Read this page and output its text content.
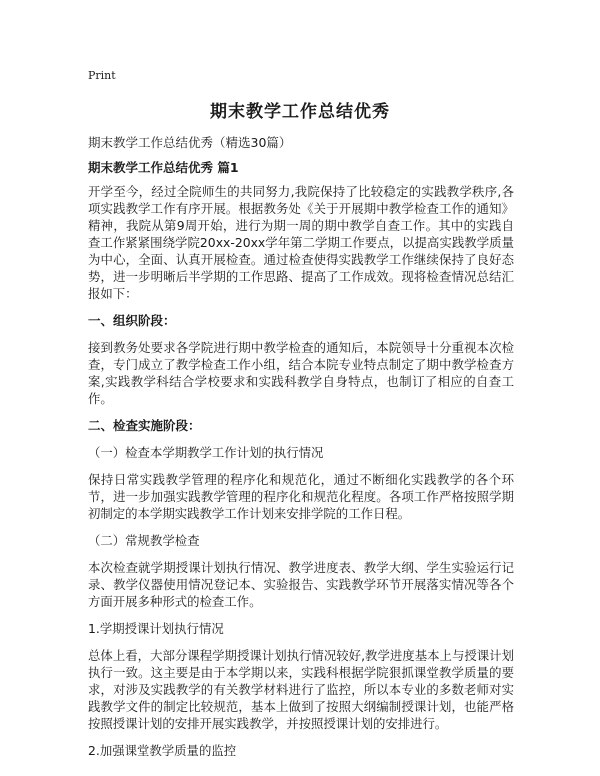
Print
期末教学工作总结优秀

期末教学工作总结优秀（精选30篇）

期末教学工作总结优秀 篇1

开学至今，经过全院师生的共同努力,我院保持了比较稳定的实践教学秩序,各项实践教学工作有序开展。根据教务处《关于开展期中教学检查工作的通知》精神，我院从第9周开始，进行为期一周的期中教学自查工作。其中的实践自查工作紧紧围绕学院20xx-20xx学年第二学期工作要点，以提高实践教学质量为中心，全面、认真开展检查。通过检查使得实践教学工作继续保持了良好态势，进一步明晰后半学期的工作思路、提高了工作成效。现将检查情况总结汇报如下：

一、组织阶段：

接到教务处要求各学院进行期中教学检查的通知后，本院领导十分重视本次检查，专门成立了教学检查工作小组，结合本院专业特点制定了期中教学检查方案,实践教学科结合学校要求和实践科教学自身特点，也制订了相应的自查工作。

二、检查实施阶段：

（一）检查本学期教学工作计划的执行情况

保持日常实践教学管理的程序化和规范化，通过不断细化实践教学的各个环节，进一步加强实践教学管理的程序化和规范化程度。各项工作严格按照学期初制定的本学期实践教学工作计划来安排学院的工作日程。

（二）常规教学检查

本次检查就学期授课计划执行情况、教学进度表、教学大纲、学生实验运行记录、教学仪器使用情况登记本、实验报告、实践教学环节开展落实情况等各个方面开展多种形式的检查工作。

1.学期授课计划执行情况

总体上看，大部分课程学期授课计划执行情况较好,教学进度基本上与授课计划执行一致。这主要是由于本学期以来，实践科根据学院狠抓课堂教学质量的要求，对涉及实践教学的有关教学材料进行了监控，所以本专业的多数老师对实践教学文件的制定比较规范，基本上做到了按照大纲编制授课计划，也能严格按照授课计划的安排开展实践教学，并按照授课计划的安排进行。

2.加强课堂教学质量的监控
